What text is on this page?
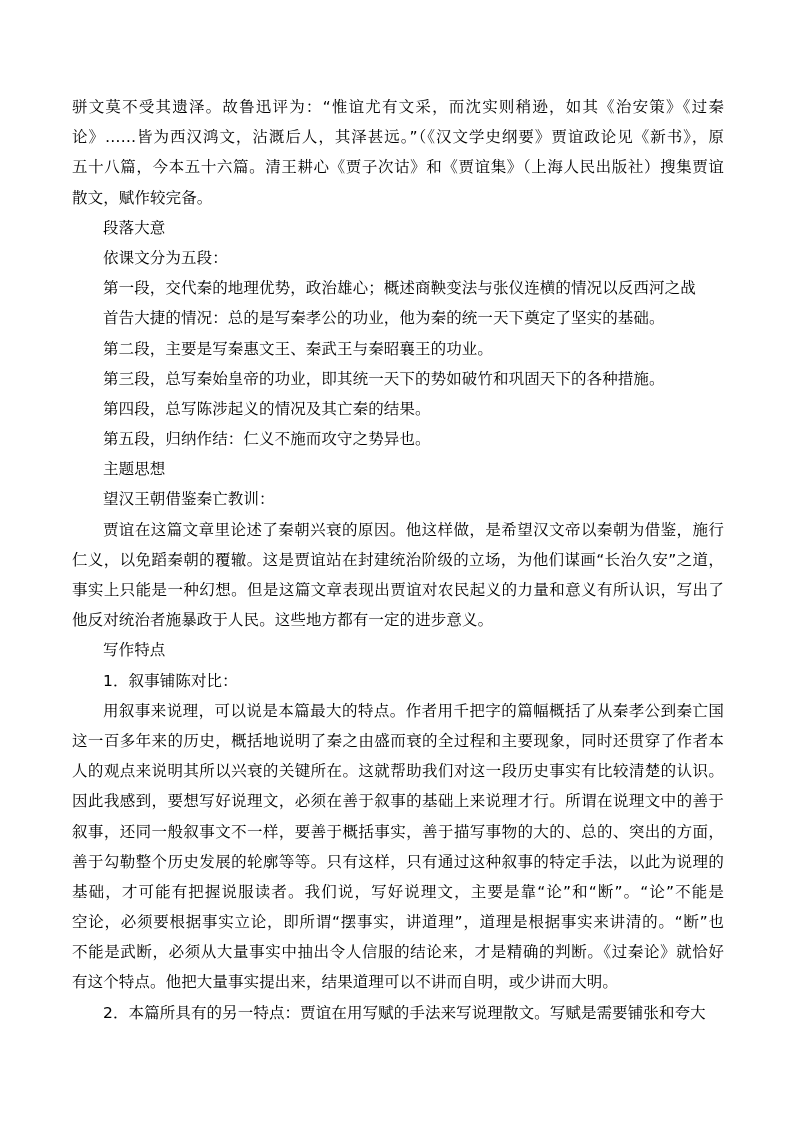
骈文莫不受其遗泽。故鲁迅评为：“惟谊尤有文采，而沈实则稍逊，如其《治安策》《过秦
论》……皆为西汉鸿文，沾溉后人，其泽甚远。”（《汉文学史纲要》贾谊政论见《新书》，原
五十八篇，今本五十六篇。清王耕心《贾子次诂》和《贾谊集》（上海人民出版社）搜集贾谊
散文，赋作较完备。
段落大意
依课文分为五段：
第一段，交代秦的地理优势，政治雄心；概述商鞅变法与张仪连横的情况以反西河之战
首告大捷的情况：总的是写秦孝公的功业，他为秦的统一天下奠定了坚实的基础。
第二段，主要是写秦惠文王、秦武王与秦昭襄王的功业。
第三段，总写秦始皇帝的功业，即其统一天下的势如破竹和巩固天下的各种措施。
第四段，总写陈涉起义的情况及其亡秦的结果。
第五段，归纳作结：仁义不施而攻守之势异也。
主题思想
望汉王朝借鉴秦亡教训：
贾谊在这篇文章里论述了秦朝兴衰的原因。他这样做，是希望汉文帝以秦朝为借鉴，施行
仁义，以免蹈秦朝的覆辙。这是贾谊站在封建统治阶级的立场，为他们谋画“长治久安”之道，
事实上只能是一种幻想。但是这篇文章表现出贾谊对农民起义的力量和意义有所认识，写出了
他反对统治者施暴政于人民。这些地方都有一定的进步意义。
写作特点
1．叙事铺陈对比：
用叙事来说理，可以说是本篇最大的特点。作者用千把字的篇幅概括了从秦孝公到秦亡国
这一百多年来的历史，概括地说明了秦之由盛而衰的全过程和主要现象，同时还贯穿了作者本
人的观点来说明其所以兴衰的关键所在。这就帮助我们对这一段历史事实有比较清楚的认识。
因此我感到，要想写好说理文，必须在善于叙事的基础上来说理才行。所谓在说理文中的善于
叙事，还同一般叙事文不一样，要善于概括事实，善于描写事物的大的、总的、突出的方面，
善于勾勒整个历史发展的轮廓等等。只有这样，只有通过这种叙事的特定手法，以此为说理的
基础，才可能有把握说服读者。我们说，写好说理文，主要是靠“论”和“断”。“论”不能是
空论，必须要根据事实立论，即所谓“摆事实，讲道理”，道理是根据事实来讲清的。“断”也
不能是武断，必须从大量事实中抽出令人信服的结论来，才是精确的判断。《过秦论》就恰好
有这个特点。他把大量事实提出来，结果道理可以不讲而自明，或少讲而大明。
2．本篇所具有的另一特点：贾谊在用写赋的手法来写说理散文。写赋是需要铺张和夸大
